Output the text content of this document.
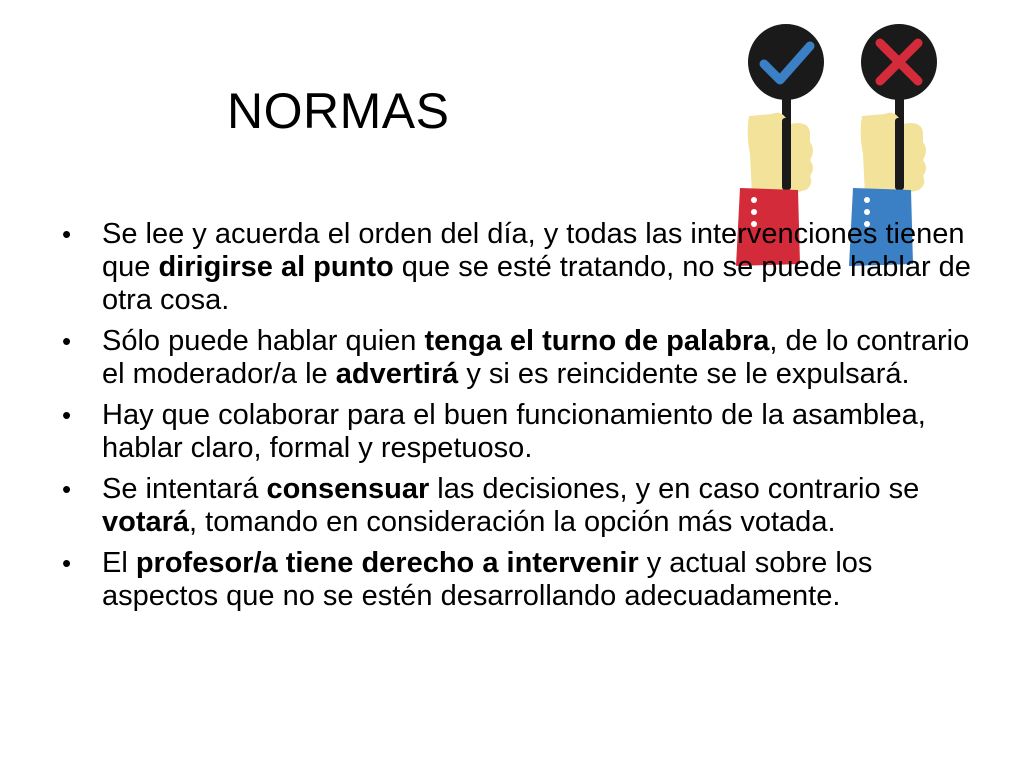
NORMAS
• Se lee y acuerda el orden del día, y todas las intervenciones tienen que dirigirse al punto que se esté tratando, no se puede hablar de otra cosa.
• Sólo puede hablar quien tenga el turno de palabra, de lo contrario el moderador/a le advertirá y si es reincidente se le expulsará.
• Hay que colaborar para el buen funcionamiento de la asamblea, hablar claro, formal y respetuoso.
• Se intentará consensuar las decisiones, y en caso contrario se votará, tomando en consideración la opción más votada.
• El profesor/a tiene derecho a intervenir y actual sobre los aspectos que no se estén desarrollando adecuadamente.
